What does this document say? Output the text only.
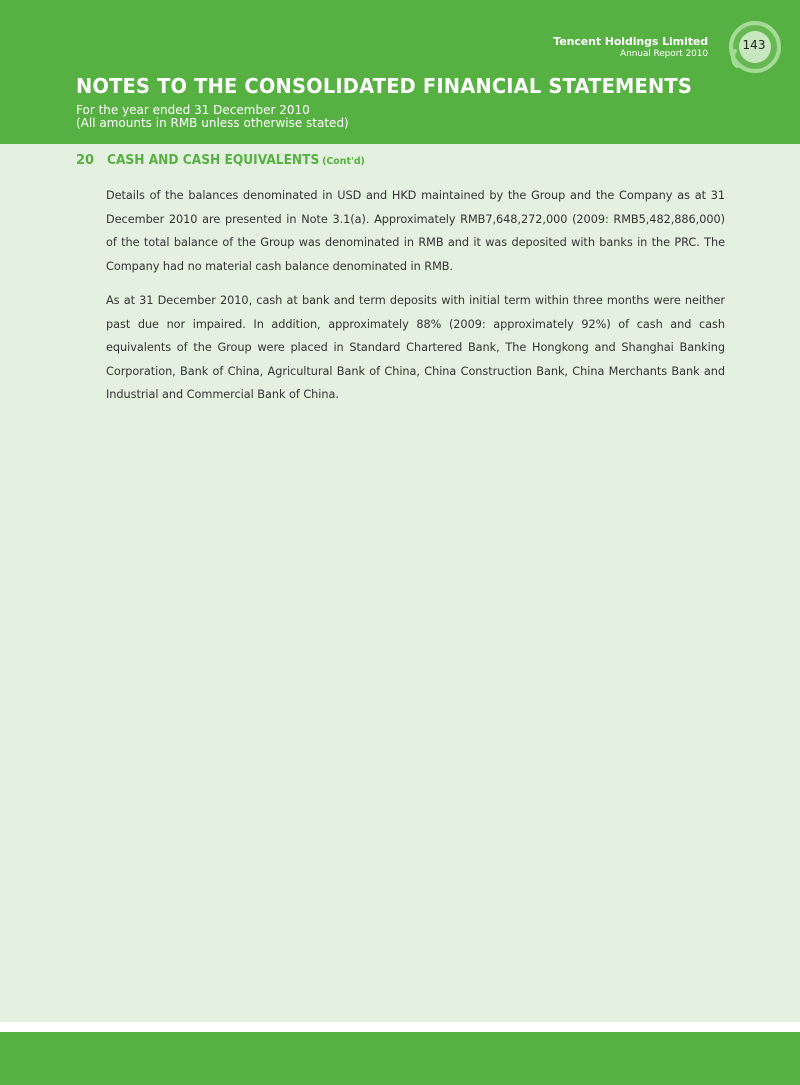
Tencent Holdings Limited
Annual Report 2010
143
NOTES TO THE CONSOLIDATED FINANCIAL STATEMENTS
For the year ended 31 December 2010
(All amounts in RMB unless otherwise stated)
20 CASH AND CASH EQUIVALENTS (Cont'd)

Details of the balances denominated in USD and HKD maintained by the Group and the Company as at 31 December 2010 are presented in Note 3.1(a). Approximately RMB7,648,272,000 (2009: RMB5,482,886,000) of the total balance of the Group was denominated in RMB and it was deposited with banks in the PRC. The Company had no material cash balance denominated in RMB.

As at 31 December 2010, cash at bank and term deposits with initial term within three months were neither past due nor impaired. In addition, approximately 88% (2009: approximately 92%) of cash and cash equivalents of the Group were placed in Standard Chartered Bank, The Hongkong and Shanghai Banking Corporation, Bank of China, Agricultural Bank of China, China Construction Bank, China Merchants Bank and Industrial and Commercial Bank of China.
